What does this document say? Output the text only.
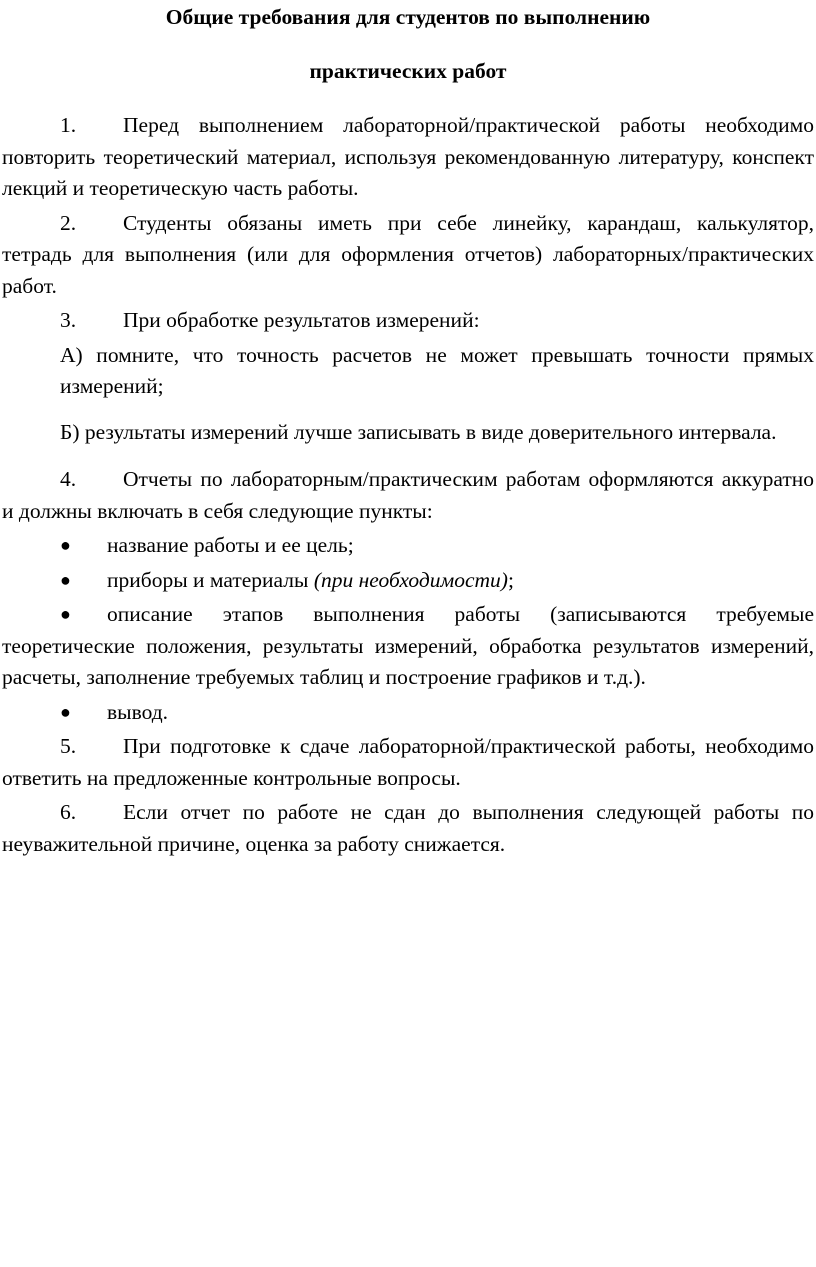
Общие требования для студентов по выполнению

практических работ

1. Перед выполнением лабораторной/практической работы необходимо повторить теоретический материал, используя рекомендованную литературу, конспект лекций и теоретическую часть работы.

2. Студенты обязаны иметь при себе линейку, карандаш, калькулятор, тетрадь для выполнения (или для оформления отчетов) лабораторных/практических работ.

3. При обработке результатов измерений:

А) помните, что точность расчетов не может превышать точности прямых измерений;

Б) результаты измерений лучше записывать в виде доверительного интервала.

4. Отчеты по лабораторным/практическим работам оформляются аккуратно и должны включать в себя следующие пункты:

● название работы и ее цель;

● приборы и материалы (при необходимости);

● описание этапов выполнения работы (записываются требуемые теоретические положения, результаты измерений, обработка результатов измерений, расчеты, заполнение требуемых таблиц и построение графиков и т.д.).

● вывод.

5. При подготовке к сдаче лабораторной/практической работы, необходимо ответить на предложенные контрольные вопросы.

6. Если отчет по работе не сдан до выполнения следующей работы по неуважительной причине, оценка за работу снижается.
